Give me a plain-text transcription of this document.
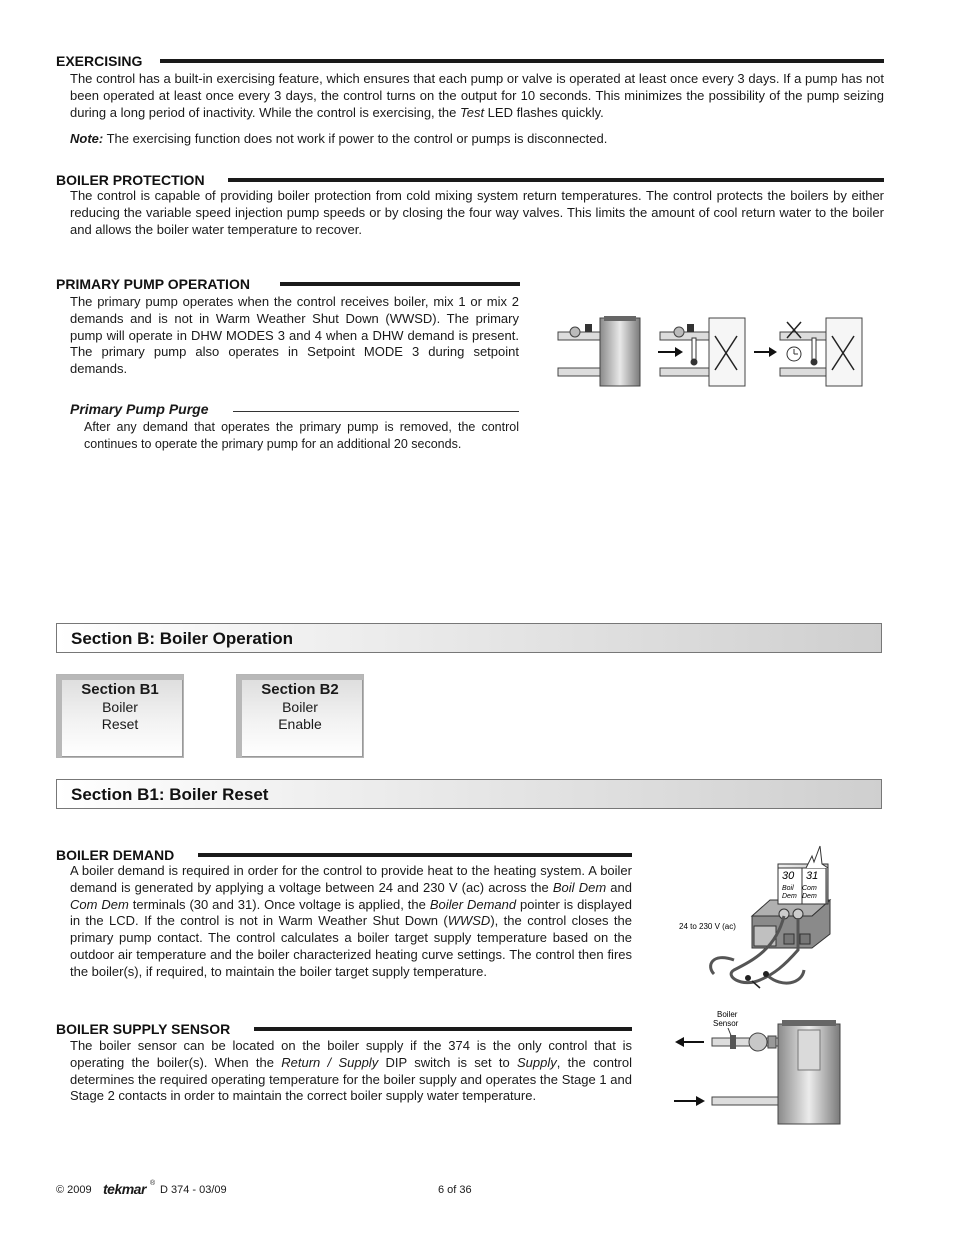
EXERCISING
The control has a built-in exercising feature, which ensures that each pump or valve is operated at least once every 3 days. If a pump has not been operated at least once every 3 days, the control turns on the output for 10 seconds. This minimizes the possibility of the pump seizing during a long period of inactivity. While the control is exercising, the Test LED flashes quickly.
Note: The exercising function does not work if power to the control or pumps is disconnected.
BOILER PROTECTION
The control is capable of providing boiler protection from cold mixing system return temperatures. The control protects the boilers by either reducing the variable speed injection pump speeds or by closing the four way valves. This limits the amount of cool return water to the boiler and allows the boiler water temperature to recover.
PRIMARY PUMP OPERATION
The primary pump operates when the control receives boiler, mix 1 or mix 2 demands and is not in Warm Weather Shut Down (WWSD). The primary pump will operate in DHW MODES 3 and 4 when a DHW demand is present. The primary pump also operates in Setpoint MODE 3 during setpoint demands.
Primary Pump Purge
After any demand that operates the primary pump is removed, the control continues to operate the primary pump for an additional 20 seconds.
Section B: Boiler Operation
Section B1
Boiler
Reset
Section B2
Boiler
Enable
Section B1: Boiler Reset
BOILER DEMAND
A boiler demand is required in order for the control to provide heat to the heating system. A boiler demand is generated by applying a voltage between 24 and 230 V (ac) across the Boil Dem and Com Dem terminals (30 and 31). Once voltage is applied, the Boiler Demand pointer is displayed in the LCD. If the control is not in Warm Weather Shut Down (WWSD), the control closes the primary pump contact. The control calculates a boiler target supply temperature based on the outdoor air temperature and the boiler characterized heating curve settings. The control then fires the boiler(s), if required, to maintain the boiler target supply temperature.
BOILER SUPPLY SENSOR
The boiler sensor can be located on the boiler supply if the 374 is the only control that is operating the boiler(s). When the Return / Supply DIP switch is set to Supply, the control determines the required operating temperature for the boiler supply and operates the Stage 1 and Stage 2 contacts in order to maintain the correct boiler supply water temperature.
30
Boil
Dem
31
Com
Dem
24 to 230 V (ac)
Boiler
Sensor
© 2009 tekmar ®
D 374 - 03/09	6 of 36
